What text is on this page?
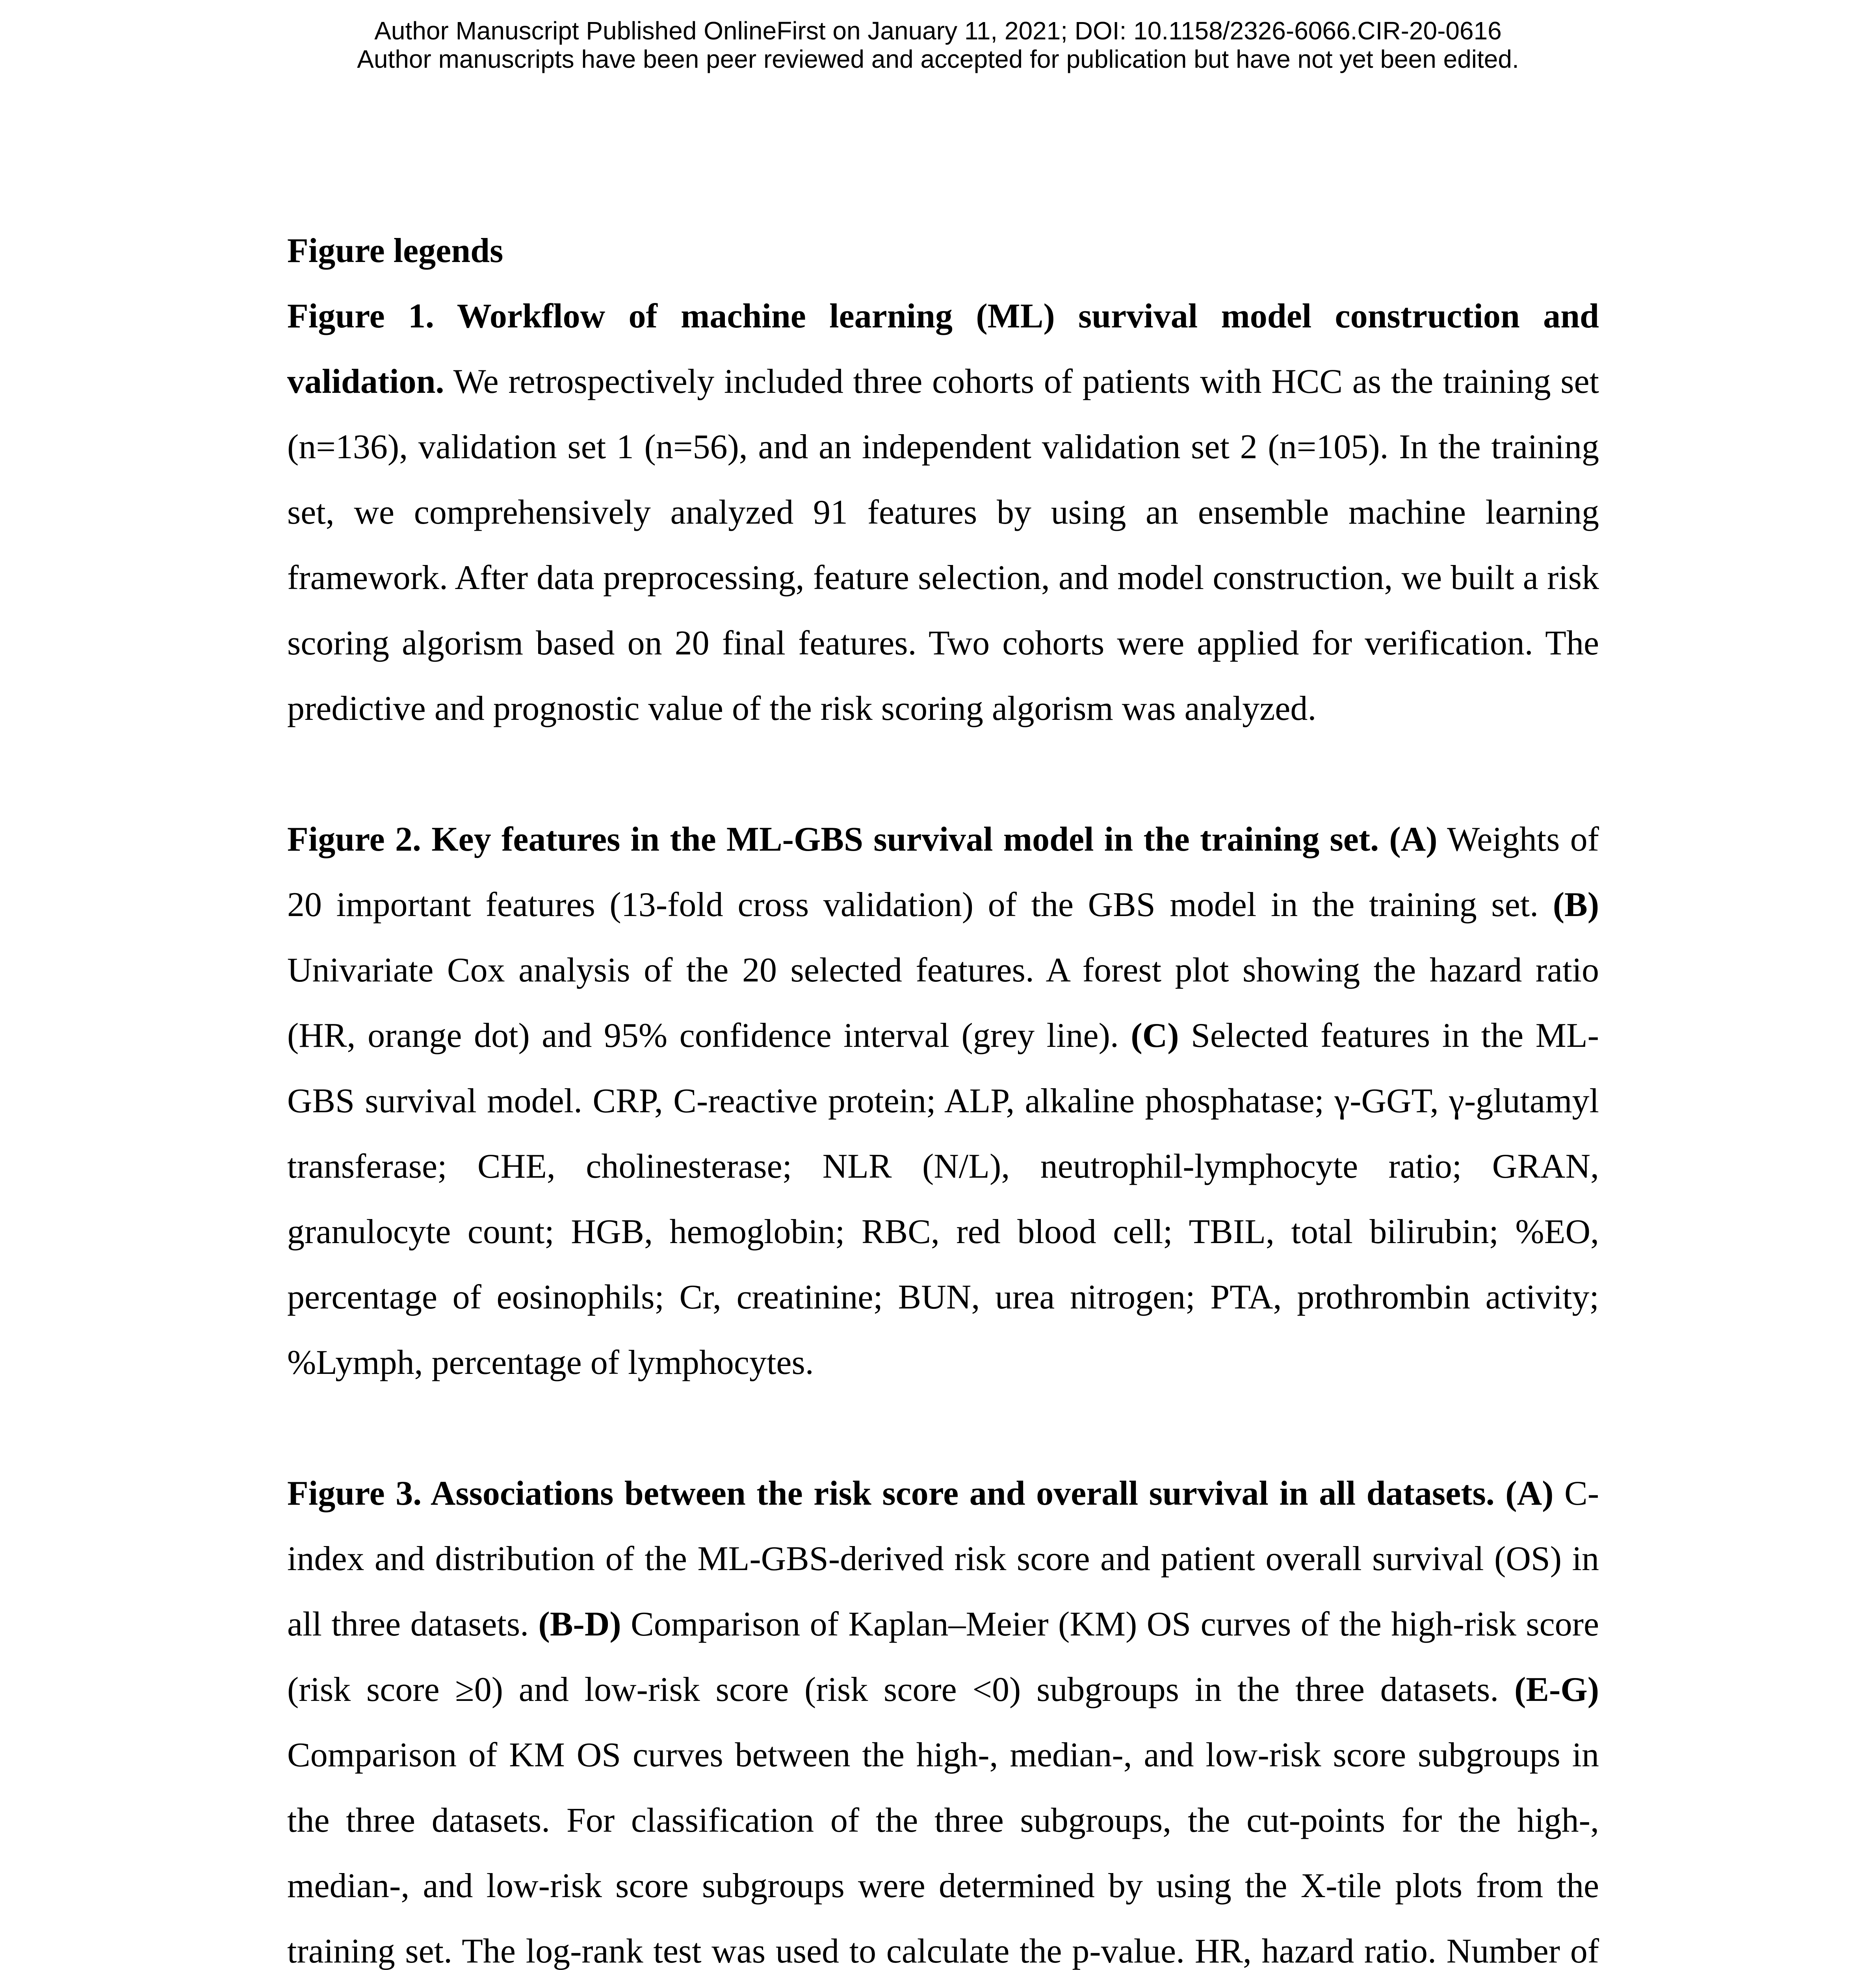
Author Manuscript Published OnlineFirst on January 11, 2021; DOI: 10.1158/2326-6066.CIR-20-0616
Author manuscripts have been peer reviewed and accepted for publication but have not yet been edited.

Figure legends

Figure 1. Workflow of machine learning (ML) survival model construction and validation. We retrospectively included three cohorts of patients with HCC as the training set (n=136), validation set 1 (n=56), and an independent validation set 2 (n=105). In the training set, we comprehensively analyzed 91 features by using an ensemble machine learning framework. After data preprocessing, feature selection, and model construction, we built a risk scoring algorism based on 20 final features. Two cohorts were applied for verification. The predictive and prognostic value of the risk scoring algorism was analyzed.

Figure 2. Key features in the ML-GBS survival model in the training set. (A) Weights of 20 important features (13-fold cross validation) of the GBS model in the training set. (B) Univariate Cox analysis of the 20 selected features. A forest plot showing the hazard ratio (HR, orange dot) and 95% confidence interval (grey line). (C) Selected features in the ML-GBS survival model. CRP, C-reactive protein; ALP, alkaline phosphatase; γ-GGT, γ-glutamyl transferase; CHE, cholinesterase; NLR (N/L), neutrophil-lymphocyte ratio; GRAN, granulocyte count; HGB, hemoglobin; RBC, red blood cell; TBIL, total bilirubin; %EO, percentage of eosinophils; Cr, creatinine; BUN, urea nitrogen; PTA, prothrombin activity; %Lymph, percentage of lymphocytes.

Figure 3. Associations between the risk score and overall survival in all datasets. (A) C-index and distribution of the ML-GBS-derived risk score and patient overall survival (OS) in all three datasets. (B-D) Comparison of Kaplan–Meier (KM) OS curves of the high-risk score (risk score ≥0) and low-risk score (risk score <0) subgroups in the three datasets. (E-G) Comparison of KM OS curves between the high-, median-, and low-risk score subgroups in the three datasets. For classification of the three subgroups, the cut-points for the high-, median-, and low-risk score subgroups were determined by using the X-tile plots from the training set. The log-rank test was used to calculate the p-value. HR, hazard ratio. Number of
